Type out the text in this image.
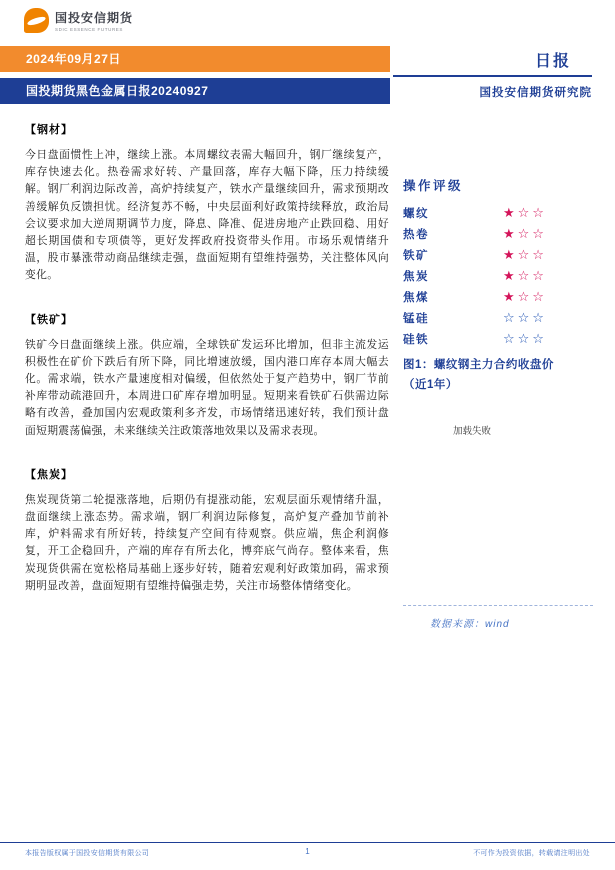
国投安信期货
SDIC ESSENCE FUTURES
2024年09月27日
国投期货黑色金属日报20240927
日报
国投安信期货研究院
【钢材】

今日盘面惯性上冲，继续上涨。本周螺纹表需大幅回升，钢厂继续复产，库存快速去化。热卷需求好转、产量回落，库存大幅下降，压力持续缓解。钢厂利润边际改善，高炉持续复产，铁水产量继续回升，需求预期改善缓解负反馈担忧。经济复苏不畅，中央层面利好政策持续释放，政治局会议要求加大逆周期调节力度，降息、降准、促进房地产止跌回稳、用好超长期国债和专项债等，更好发挥政府投资带头作用。市场乐观情绪升温，股市暴涨带动商品继续走强，盘面短期有望维持强势，关注整体风向变化。

【铁矿】

铁矿今日盘面继续上涨。供应端，全球铁矿发运环比增加，但非主流发运积极性在矿价下跌后有所下降，同比增速放缓，国内港口库存本周大幅去化。需求端，铁水产量速度相对偏缓，但依然处于复产趋势中，钢厂节前补库带动疏港回升，本周进口矿库存增加明显。短期来看铁矿石供需边际略有改善，叠加国内宏观政策利多齐发，市场情绪迅速好转，我们预计盘面短期震荡偏强，未来继续关注政策落地效果以及需求表现。

【焦炭】

焦炭现货第二轮提涨落地，后期仍有提涨动能，宏观层面乐观情绪升温，盘面继续上涨态势。需求端，钢厂利润边际修复，高炉复产叠加节前补库，炉料需求有所好转，持续复产空间有待观察。供应端，焦企利润修复，开工企稳回升，产端的库存有所去化，博弈底气尚存。整体来看，焦炭现货供需在宽松格局基础上逐步好转，随着宏观利好政策加码，需求预期明显改善，盘面短期有望维持偏强走势，关注市场整体情绪变化。

操作评级
螺纹	★☆☆
热卷	★☆☆
铁矿	★☆☆
焦炭	★☆☆
焦煤	★☆☆
锰硅	☆☆☆
硅铁	☆☆☆
图1：螺纹钢主力合约收盘价
（近1年）
加载失败
数据来源：wind
本报告版权属于国投安信期货有限公司	不可作为投资依据，转载请注明出处
1
